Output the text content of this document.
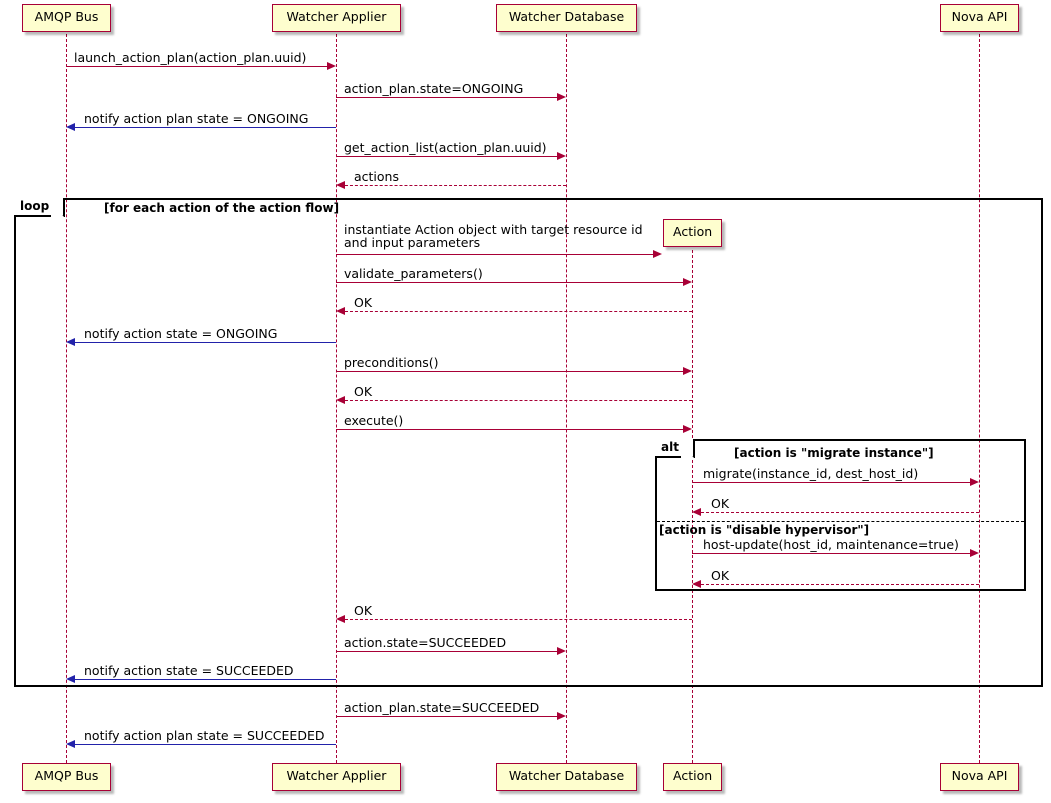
loop	[for each action of the action flow]
alt	[action is "migrate instance"]
[action is "disable hypervisor"]
AMQP Bus	Watcher Applier	Watcher Database
Action
Nova API
AMQP Bus	Watcher Applier	Watcher Database	Action	Nova API
launch_action_plan(action_plan.uuid)
action_plan.state=ONGOING
notify action plan state = ONGOING
get_action_list(action_plan.uuid)
actions
instantiate Action object with target resource id
and input parameters
validate_parameters()
OK
notify action state = ONGOING
preconditions()
OK
execute()
migrate(instance_id, dest_host_id)
OK
host-update(host_id, maintenance=true)
OK
OK
action.state=SUCCEEDED
notify action state = SUCCEEDED
action_plan.state=SUCCEEDED
notify action plan state = SUCCEEDED
